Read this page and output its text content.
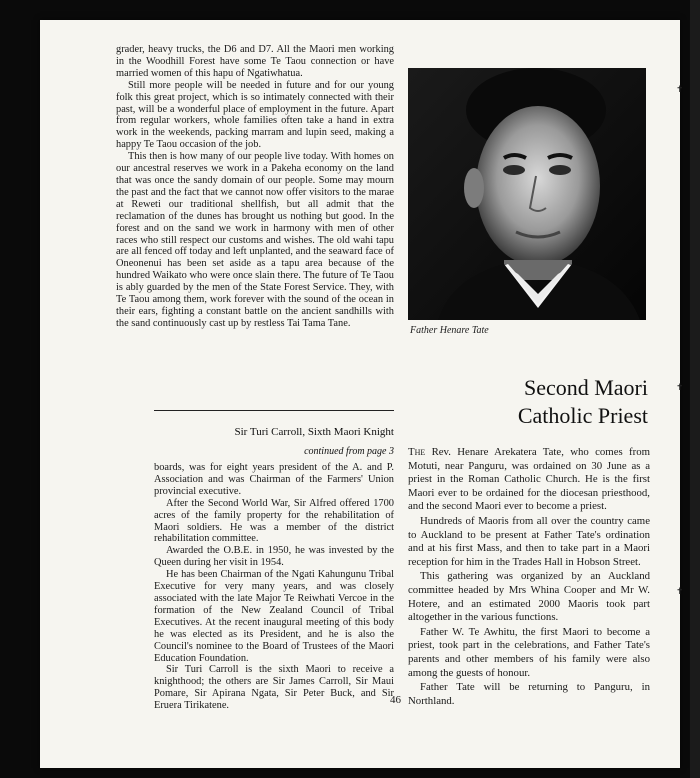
grader, heavy trucks, the D6 and D7. All the Maori men working in the Woodhill Forest have some Te Taou connection or have married women of this hapu of Ngatiwhatua.

Still more people will be needed in future and for our young folk this great project, which is so intimately connected with their past, will be a wonderful place of employment in the future. Apart from regular workers, whole families often take a hand in extra work in the weekends, packing marram and lupin seed, making a happy Te Taou occasion of the job.

This then is how many of our people live today. With homes on our ancestral reserves we work in a Pakeha economy on the land that was once the sandy domain of our people. Some may mourn the past and the fact that we cannot now offer visitors to the marae at Reweti our traditional shellfish, but all admit that the reclamation of the dunes has brought us nothing but good. In the forest and on the sand we work in harmony with men of other races who still respect our customs and wishes. The old wahi tapu are all fenced off today and left unplanted, and the seaward face of Oneonenui has been set aside as a tapu area because of the hundred Waikato who were once slain there. The future of Te Taou is ably guarded by the men of the State Forest Service. They, with Te Taou among them, work forever with the sound of the ocean in their ears, fighting a constant battle on the ancient sandhills with the sand continuously cast up by restless Tai Tama Tane.

Father Henare Tate
Second Maori
Catholic Priest
Sir Turi Carroll, Sixth Maori Knight
continued from page 3

boards, was for eight years president of the A. and P. Association and was Chairman of the Farmers' Union provincial executive.

After the Second World War, Sir Alfred offered 1700 acres of the family property for the rehabilitation of Maori soldiers. He was a member of the district rehabilitation committee.

Awarded the O.B.E. in 1950, he was invested by the Queen during her visit in 1954.

He has been Chairman of the Ngati Kahungunu Tribal Executive for very many years, and was closely associated with the late Major Te Reiwhati Vercoe in the formation of the New Zealand Council of Tribal Executives. At the recent inaugural meeting of this body he was elected as its President, and he is also the Council's nominee to the Board of Trustees of the Maori Education Foundation.

Sir Turi Carroll is the sixth Maori to receive a knighthood; the others are Sir James Carroll, Sir Maui Pomare, Sir Apirana Ngata, Sir Peter Buck, and Sir Eruera Tirikatene.

The Rev. Henare Arekatera Tate, who comes from Motuti, near Panguru, was ordained on 30 June as a priest in the Roman Catholic Church. He is the first Maori ever to be ordained for the diocesan priesthood, and the second Maori ever to become a priest.

Hundreds of Maoris from all over the country came to Auckland to be present at Father Tate's ordination and at his first Mass, and then to take part in a Maori reception for him in the Trades Hall in Hobson Street.

This gathering was organized by an Auckland committee headed by Mrs Whina Cooper and Mr W. Hotere, and an estimated 2000 Maoris took part altogether in the various functions.

Father W. Te Awhitu, the first Maori to become a priest, took part in the celebrations, and Father Tate's parents and other members of his family were also among the guests of honour.

Father Tate will be returning to Panguru, in Northland.

46
✝
✝
✝
